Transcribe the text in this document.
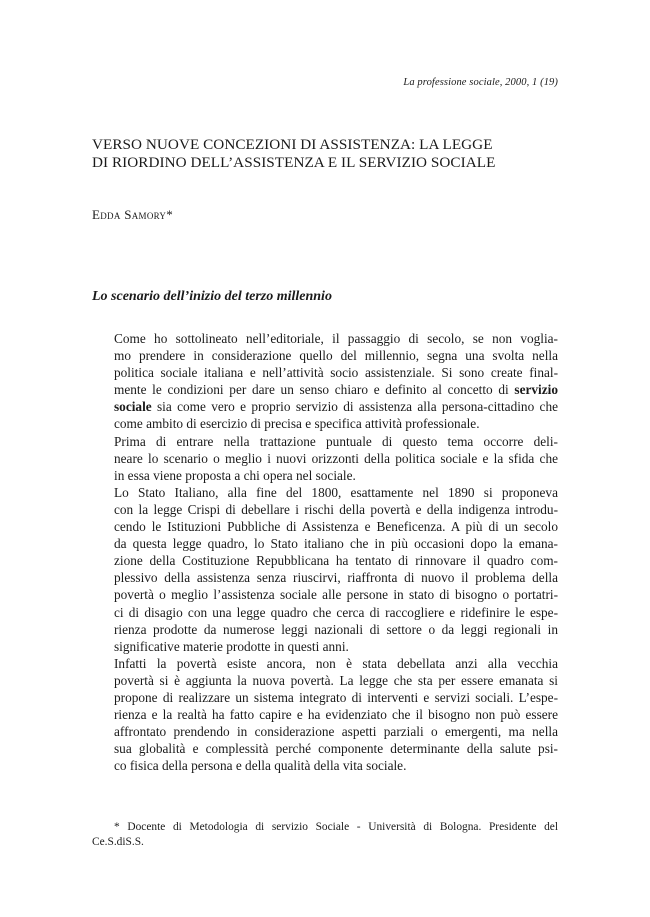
La professione sociale, 2000, 1 (19)
VERSO NUOVE CONCEZIONI DI ASSISTENZA: LA LEGGE
DI RIORDINO DELL’ASSISTENZA E IL SERVIZIO SOCIALE
Edda Samory*
Lo scenario dell’inizio del terzo millennio

Come ho sottolineato nell’editoriale, il passaggio di secolo, se non voglia-
mo prendere in considerazione quello del millennio, segna una svolta nella
politica sociale italiana e nell’attività socio assistenziale. Si sono create final-
mente le condizioni per dare un senso chiaro e definito al concetto di servizio
sociale sia come vero e proprio servizio di assistenza alla persona-cittadino che
come ambito di esercizio di precisa e specifica attività professionale.

Prima di entrare nella trattazione puntuale di questo tema occorre deli-
neare lo scenario o meglio i nuovi orizzonti della politica sociale e la sfida che
in essa viene proposta a chi opera nel sociale.

Lo Stato Italiano, alla fine del 1800, esattamente nel 1890 si proponeva
con la legge Crispi di debellare i rischi della povertà e della indigenza introdu-
cendo le Istituzioni Pubbliche di Assistenza e Beneficenza. A più di un secolo
da questa legge quadro, lo Stato italiano che in più occasioni dopo la emana-
zione della Costituzione Repubblicana ha tentato di rinnovare il quadro com-
plessivo della assistenza senza riuscirvi, riaffronta di nuovo il problema della
povertà o meglio l’assistenza sociale alle persone in stato di bisogno o portatri-
ci di disagio con una legge quadro che cerca di raccogliere e ridefinire le espe-
rienza prodotte da numerose leggi nazionali di settore o da leggi regionali in
significative materie prodotte in questi anni.

Infatti la povertà esiste ancora, non è stata debellata anzi alla vecchia
povertà si è aggiunta la nuova povertà. La legge che sta per essere emanata si
propone di realizzare un sistema integrato di interventi e servizi sociali. L’espe-
rienza e la realtà ha fatto capire e ha evidenziato che il bisogno non può essere
affrontato prendendo in considerazione aspetti parziali o emergenti, ma nella
sua globalità e complessità perché componente determinante della salute psi-
co fisica della persona e della qualità della vita sociale.

* Docente di Metodologia di servizio Sociale - Università di Bologna. Presidente del
Ce.S.diS.S.
